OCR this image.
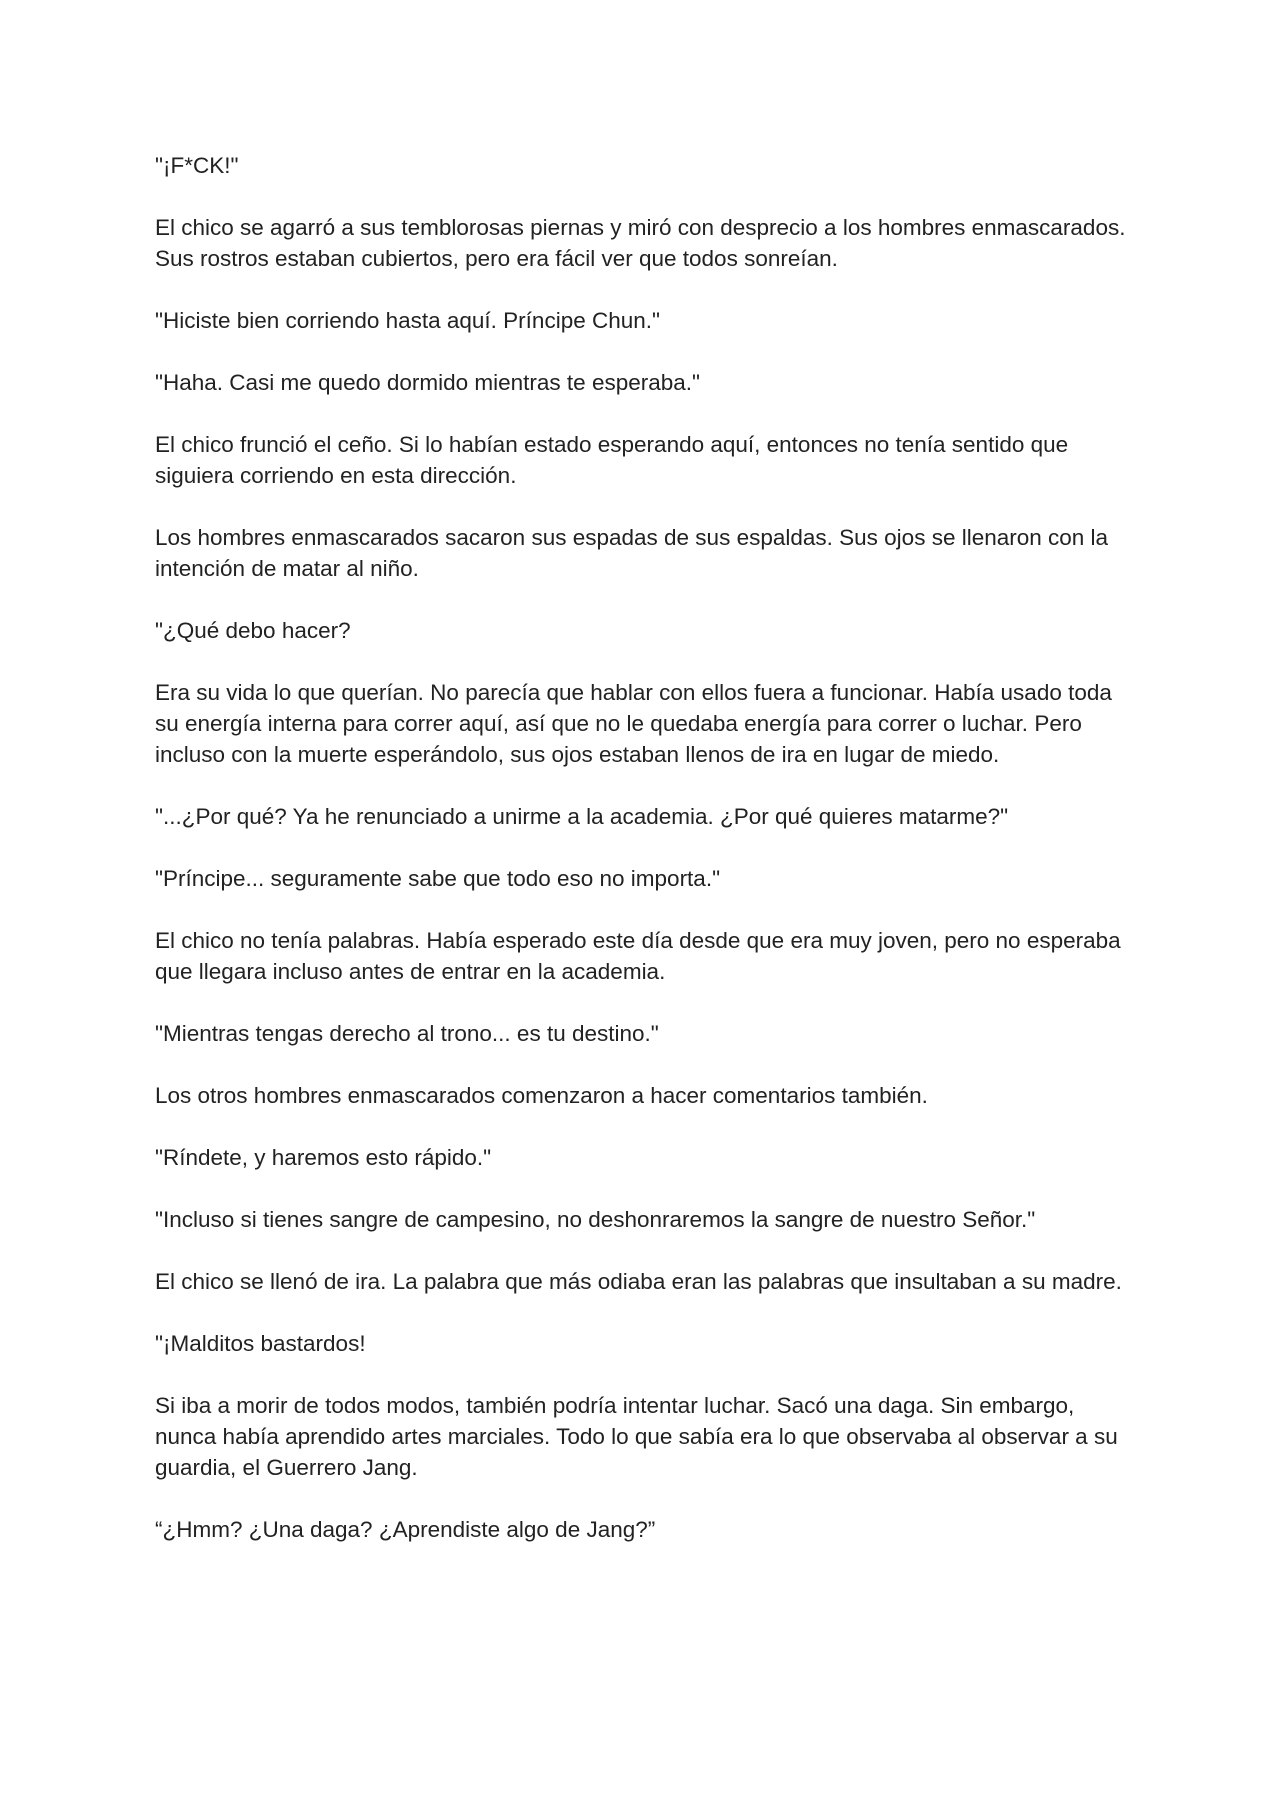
"¡F*CK!"

El chico se agarró a sus temblorosas piernas y miró con desprecio a los hombres enmascarados. Sus rostros estaban cubiertos, pero era fácil ver que todos sonreían.

"Hiciste bien corriendo hasta aquí. Príncipe Chun."

"Haha. Casi me quedo dormido mientras te esperaba."

El chico frunció el ceño. Si lo habían estado esperando aquí, entonces no tenía sentido que siguiera corriendo en esta dirección.

Los hombres enmascarados sacaron sus espadas de sus espaldas. Sus ojos se llenaron con la intención de matar al niño.

"¿Qué debo hacer?

Era su vida lo que querían. No parecía que hablar con ellos fuera a funcionar. Había usado toda su energía interna para correr aquí, así que no le quedaba energía para correr o luchar. Pero incluso con la muerte esperándolo, sus ojos estaban llenos de ira en lugar de miedo.

"...¿Por qué? Ya he renunciado a unirme a la academia. ¿Por qué quieres matarme?"

"Príncipe... seguramente sabe que todo eso no importa."

El chico no tenía palabras. Había esperado este día desde que era muy joven, pero no esperaba que llegara incluso antes de entrar en la academia.

"Mientras tengas derecho al trono... es tu destino."

Los otros hombres enmascarados comenzaron a hacer comentarios también.

"Ríndete, y haremos esto rápido."

"Incluso si tienes sangre de campesino, no deshonraremos la sangre de nuestro Señor."

El chico se llenó de ira. La palabra que más odiaba eran las palabras que insultaban a su madre.

"¡Malditos bastardos!

Si iba a morir de todos modos, también podría intentar luchar. Sacó una daga. Sin embargo, nunca había aprendido artes marciales. Todo lo que sabía era lo que observaba al observar a su guardia, el Guerrero Jang.

“¿Hmm? ¿Una daga? ¿Aprendiste algo de Jang?”
